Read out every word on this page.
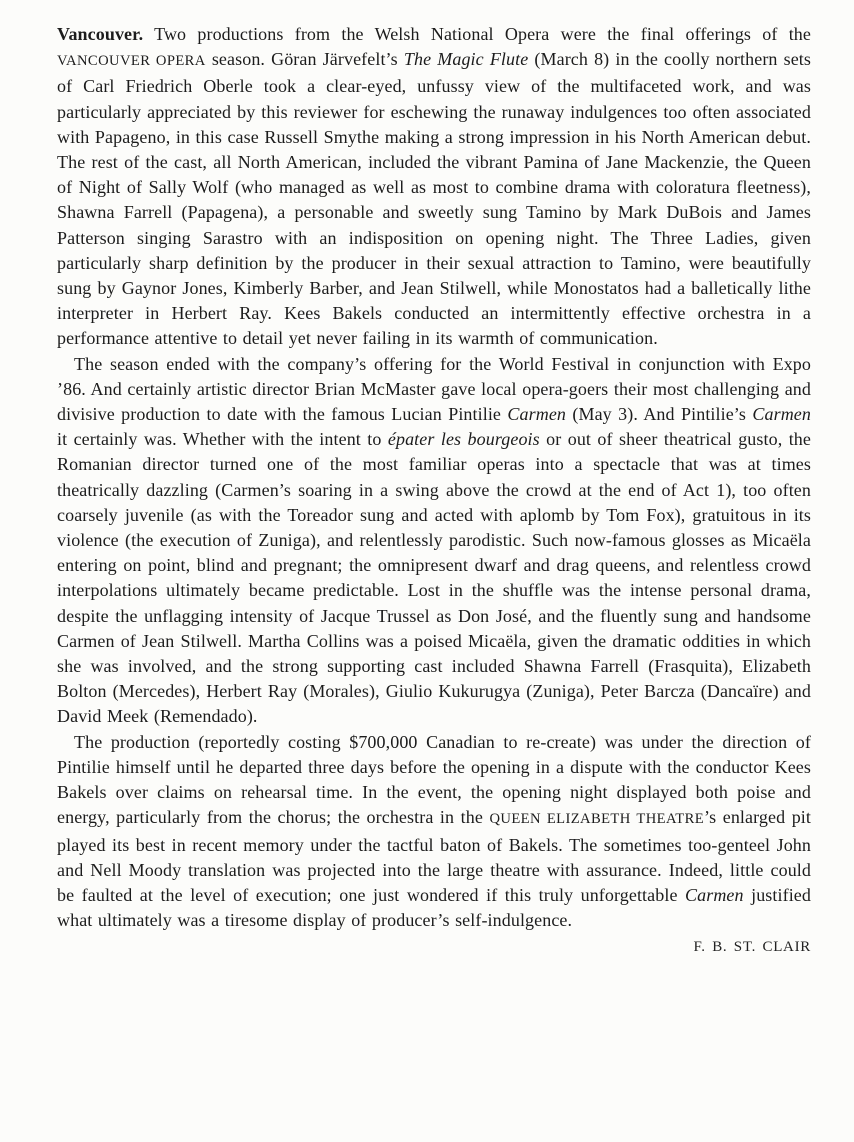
Vancouver. Two productions from the Welsh National Opera were the final offerings of the VANCOUVER OPERA season. Göran Järvefelt’s The Magic Flute (March 8) in the coolly northern sets of Carl Friedrich Oberle took a clear-eyed, unfussy view of the multifaceted work, and was particularly appreciated by this reviewer for eschewing the runaway indulgences too often associated with Papageno, in this case Russell Smythe making a strong impression in his North American debut. The rest of the cast, all North American, included the vibrant Pamina of Jane Mackenzie, the Queen of Night of Sally Wolf (who managed as well as most to combine drama with coloratura fleetness), Shawna Farrell (Papagena), a personable and sweetly sung Tamino by Mark DuBois and James Patterson singing Sarastro with an indisposition on opening night. The Three Ladies, given particularly sharp definition by the producer in their sexual attraction to Tamino, were beautifully sung by Gaynor Jones, Kimberly Barber, and Jean Stilwell, while Monostatos had a balletically lithe interpreter in Herbert Ray. Kees Bakels conducted an intermittently effective orchestra in a performance attentive to detail yet never failing in its warmth of communication.

The season ended with the company’s offering for the World Festival in conjunction with Expo ’86. And certainly artistic director Brian McMaster gave local opera-goers their most challenging and divisive production to date with the famous Lucian Pintilie Carmen (May 3). And Pintilie’s Carmen it certainly was. Whether with the intent to épater les bourgeois or out of sheer theatrical gusto, the Romanian director turned one of the most familiar operas into a spectacle that was at times theatrically dazzling (Carmen’s soaring in a swing above the crowd at the end of Act 1), too often coarsely juvenile (as with the Toreador sung and acted with aplomb by Tom Fox), gratuitous in its violence (the execution of Zuniga), and relentlessly parodistic. Such now-famous glosses as Micaëla entering on point, blind and pregnant; the omnipresent dwarf and drag queens, and relentless crowd interpolations ultimately became predictable. Lost in the shuffle was the intense personal drama, despite the unflagging intensity of Jacque Trussel as Don José, and the fluently sung and handsome Carmen of Jean Stilwell. Martha Collins was a poised Micaëla, given the dramatic oddities in which she was involved, and the strong supporting cast included Shawna Farrell (Frasquita), Elizabeth Bolton (Mercedes), Herbert Ray (Morales), Giulio Kukurugya (Zuniga), Peter Barcza (Dancaïre) and David Meek (Remendado).

The production (reportedly costing $700,000 Canadian to re-create) was under the direction of Pintilie himself until he departed three days before the opening in a dispute with the conductor Kees Bakels over claims on rehearsal time. In the event, the opening night displayed both poise and energy, particularly from the chorus; the orchestra in the QUEEN ELIZABETH THEATRE’s enlarged pit played its best in recent memory under the tactful baton of Bakels. The sometimes too-genteel John and Nell Moody translation was projected into the large theatre with assurance. Indeed, little could be faulted at the level of execution; one just wondered if this truly unforgettable Carmen justified what ultimately was a tiresome display of producer’s self-indulgence.

F. B. ST. CLAIR
